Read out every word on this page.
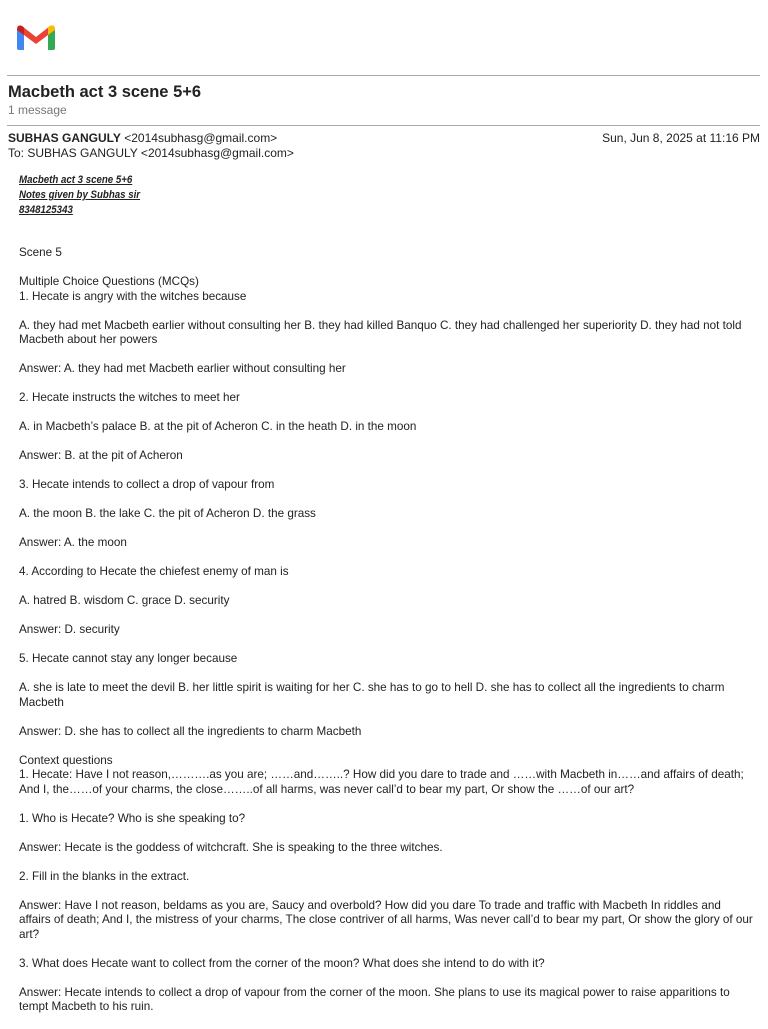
Macbeth act 3 scene 5+6
1 message
SUBHAS GANGULY <2014subhasg@gmail.com>	Sun, Jun 8, 2025 at 11:16 PM
To: SUBHAS GANGULY <2014subhasg@gmail.com>
Macbeth act 3 scene 5+6
Notes given by Subhas sir
8348125343

Scene 5

Multiple Choice Questions (MCQs)

1. Hecate is angry with the witches because

A. they had met Macbeth earlier without consulting her B. they had killed Banquo C. they had challenged her superiority D. they had not told Macbeth about her powers

Answer: A. they had met Macbeth earlier without consulting her

2. Hecate instructs the witches to meet her

A. in Macbeth’s palace B. at the pit of Acheron C. in the heath D. in the moon

Answer: B. at the pit of Acheron

3. Hecate intends to collect a drop of vapour from

A. the moon B. the lake C. the pit of Acheron D. the grass

Answer: A. the moon

4. According to Hecate the chiefest enemy of man is

A. hatred B. wisdom C. grace D. security

Answer: D. security

5. Hecate cannot stay any longer because

A. she is late to meet the devil B. her little spirit is waiting for her C. she has to go to hell D. she has to collect all the ingredients to charm Macbeth

Answer: D. she has to collect all the ingredients to charm Macbeth

Context questions

1. Hecate: Have I not reason,……….as you are; ……and……..? How did you dare to trade and ……with Macbeth in……and affairs of death; And I, the……of your charms, the close……..of all harms, was never call’d to bear my part, Or show the ……of our art?

1. Who is Hecate? Who is she speaking to?

Answer: Hecate is the goddess of witchcraft. She is speaking to the three witches.

2. Fill in the blanks in the extract.

Answer: Have I not reason, beldams as you are, Saucy and overbold? How did you dare To trade and traffic with Macbeth In riddles and affairs of death; And I, the mistress of your charms, The close contriver of all harms, Was never call’d to bear my part, Or show the glory of our art?

3. What does Hecate want to collect from the corner of the moon? What does she intend to do with it?

Answer: Hecate intends to collect a drop of vapour from the corner of the moon. She plans to use its magical power to raise apparitions to tempt Macbeth to his ruin.
